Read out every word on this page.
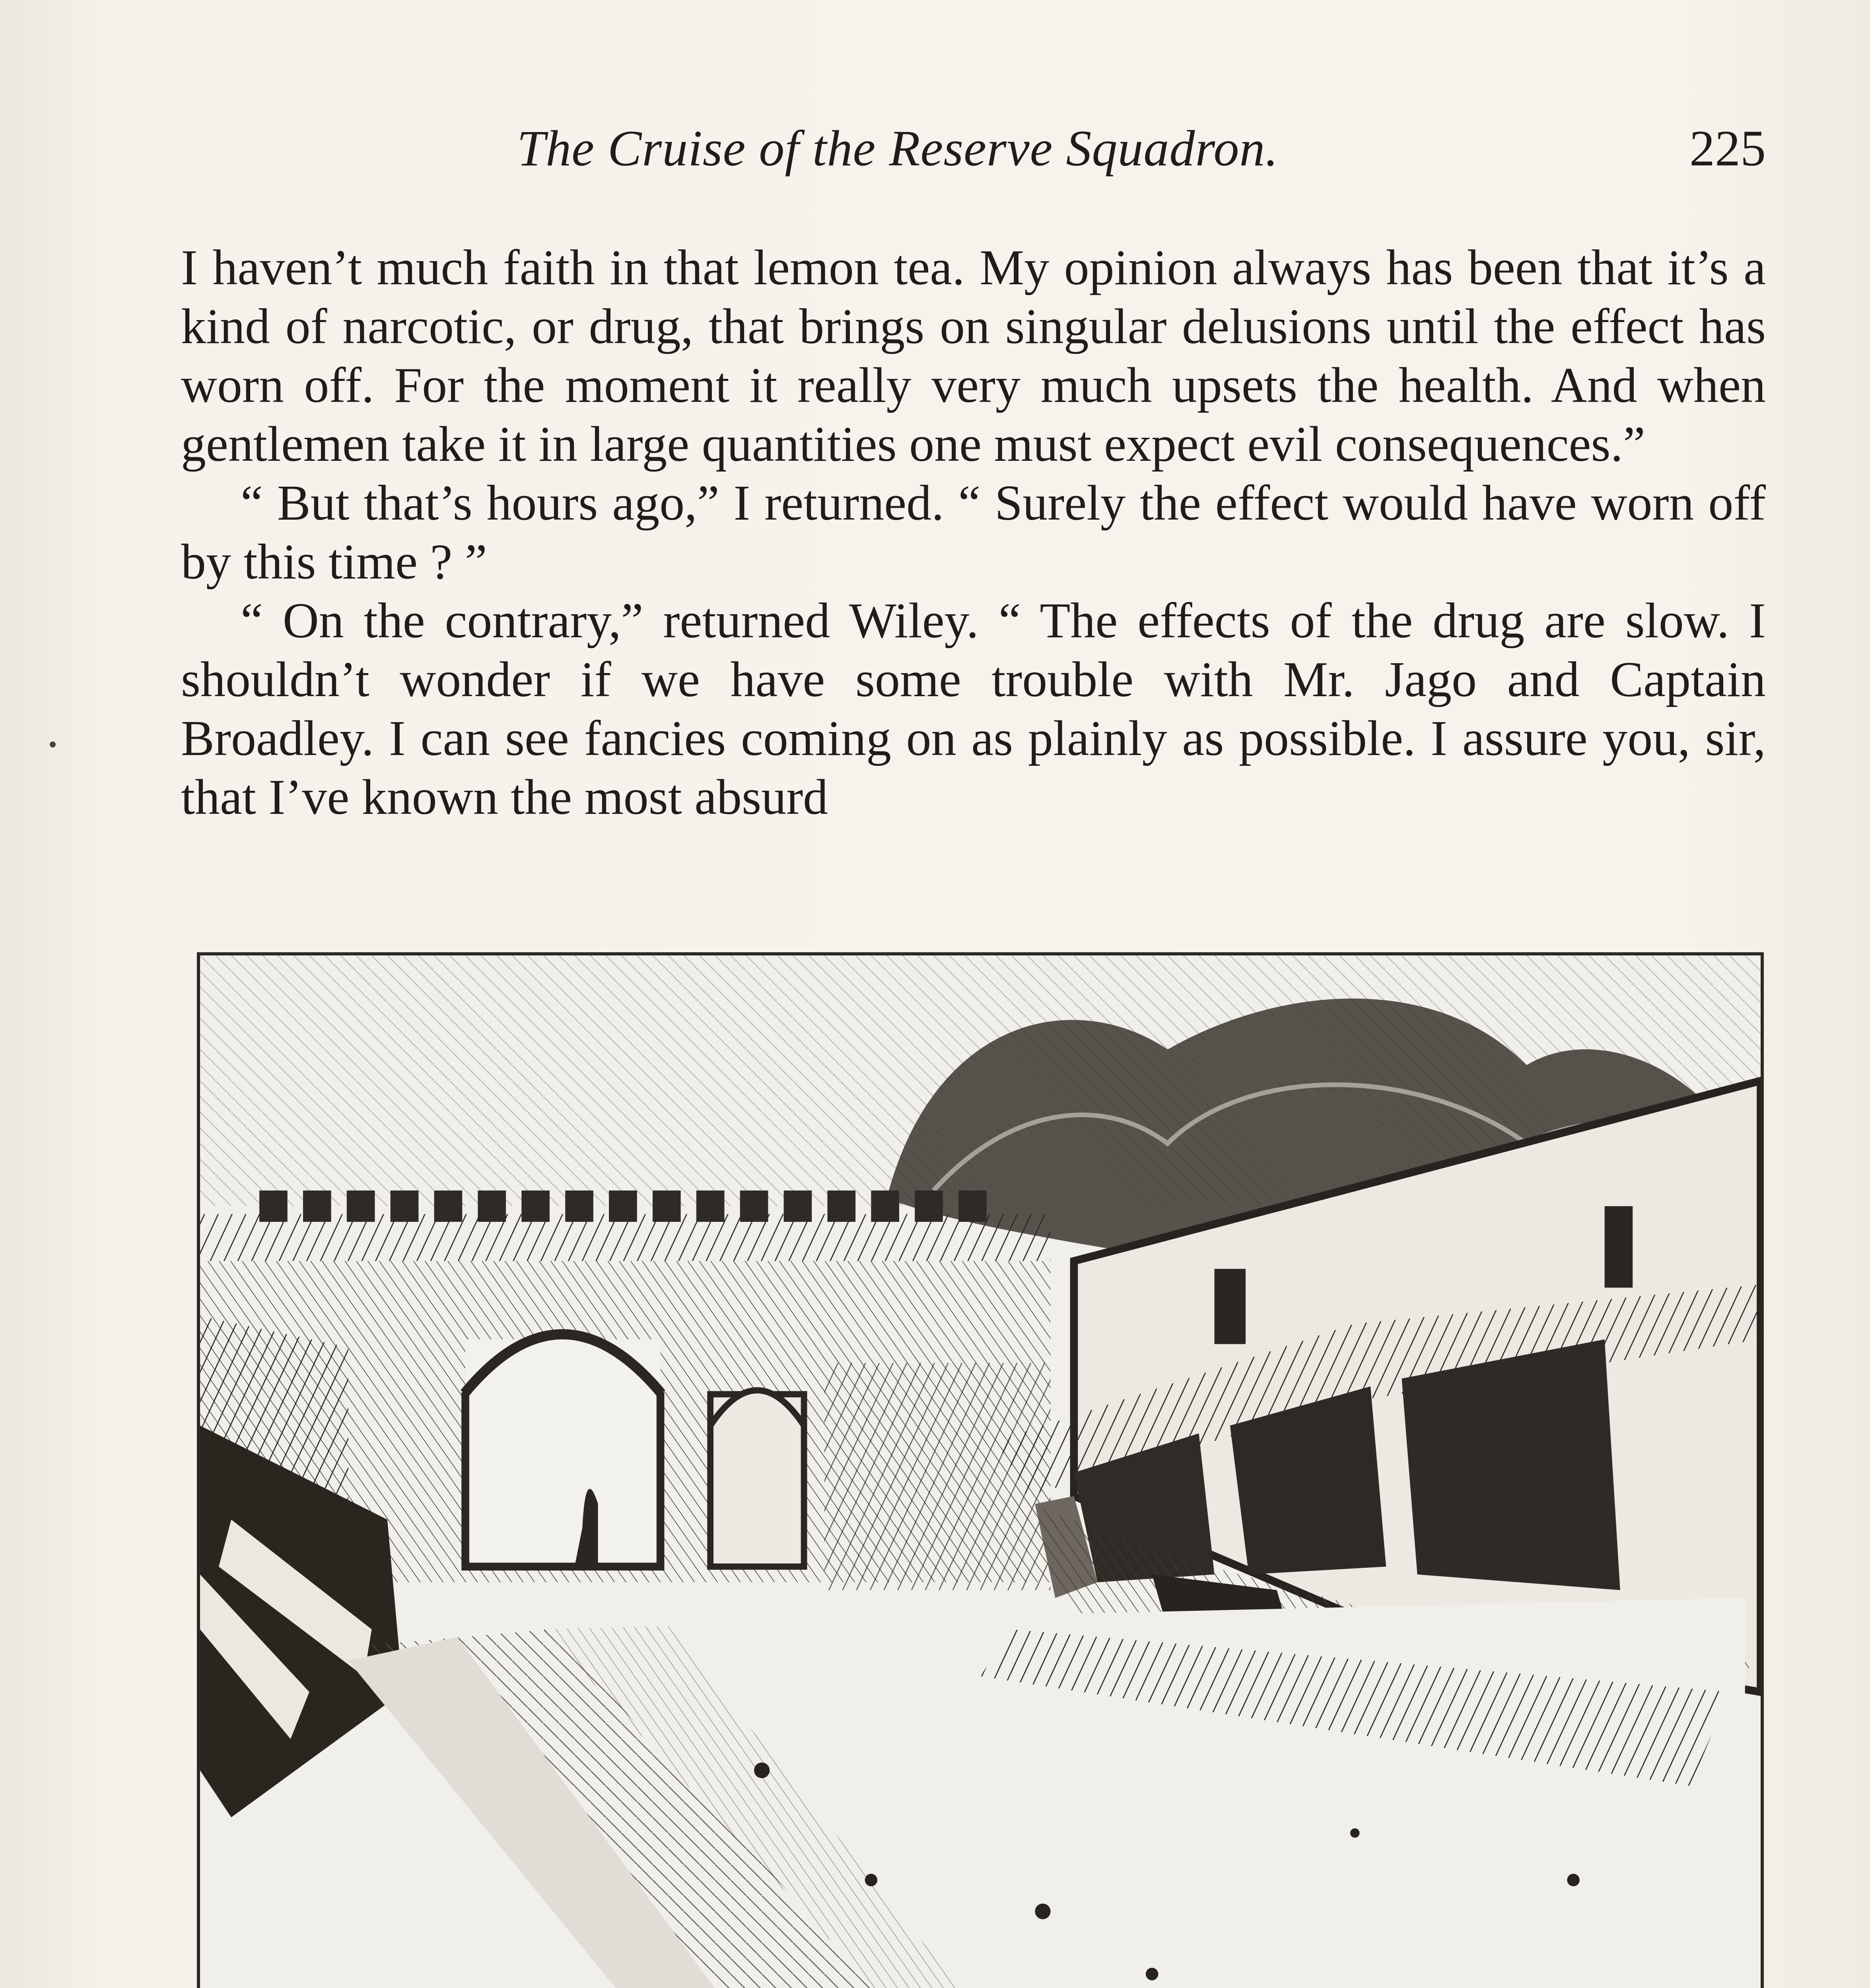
The Cruise of the Reserve Squadron.	225

I haven’t much faith in that lemon tea. My opinion always has been that it’s a kind of narcotic, or drug, that brings on singular delusions until the effect has worn off. For the moment it really very much upsets the health. And when gentlemen take it in large quantities one must expect evil consequences.”

“ But that’s hours ago,” I returned. “ Surely the effect would have worn off by this time ? ”

“ On the contrary,” returned Wiley. “ The effects of the drug are slow. I shouldn’t wonder if we have some trouble with Mr. Jago and Captain Broadley. I can see fancies coming on as plainly as possible. I assure you, sir, that I’ve known the most absurd
